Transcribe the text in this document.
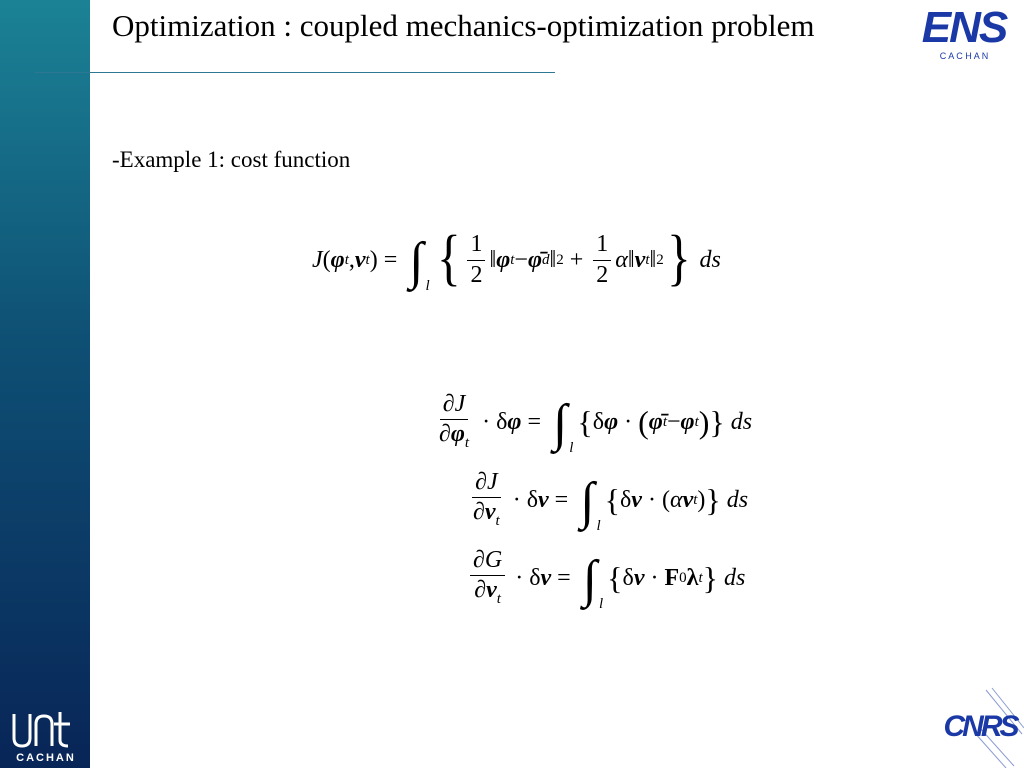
Optimization : coupled mechanics-optimization problem ENS
C A C H A N
-Example 1: cost function
J ( φ t , ν t )
= ∫ l { $\frac{1}{2}$ ‖ φ t − φ̄ d ‖ $2 + \frac{1}{2}$ α ‖ ν t ‖ 2 } ds
$\frac{\partial J}{\partial\varphi_t} \cdot \delta$ φ = ∫ l
{ δ φ · ( φ̄ t − φ t ) } ds
$\frac{\partial J}{\partial\nu_t} \cdot \delta$ ν = ∫ l
{ δ ν · ( α ν t ) } ds
$\frac{\partial G}{\partial\nu_t} \cdot \delta$ ν = ∫ l
{ δ ν · F 0 λ t } ds
CACHAN
CNRS
